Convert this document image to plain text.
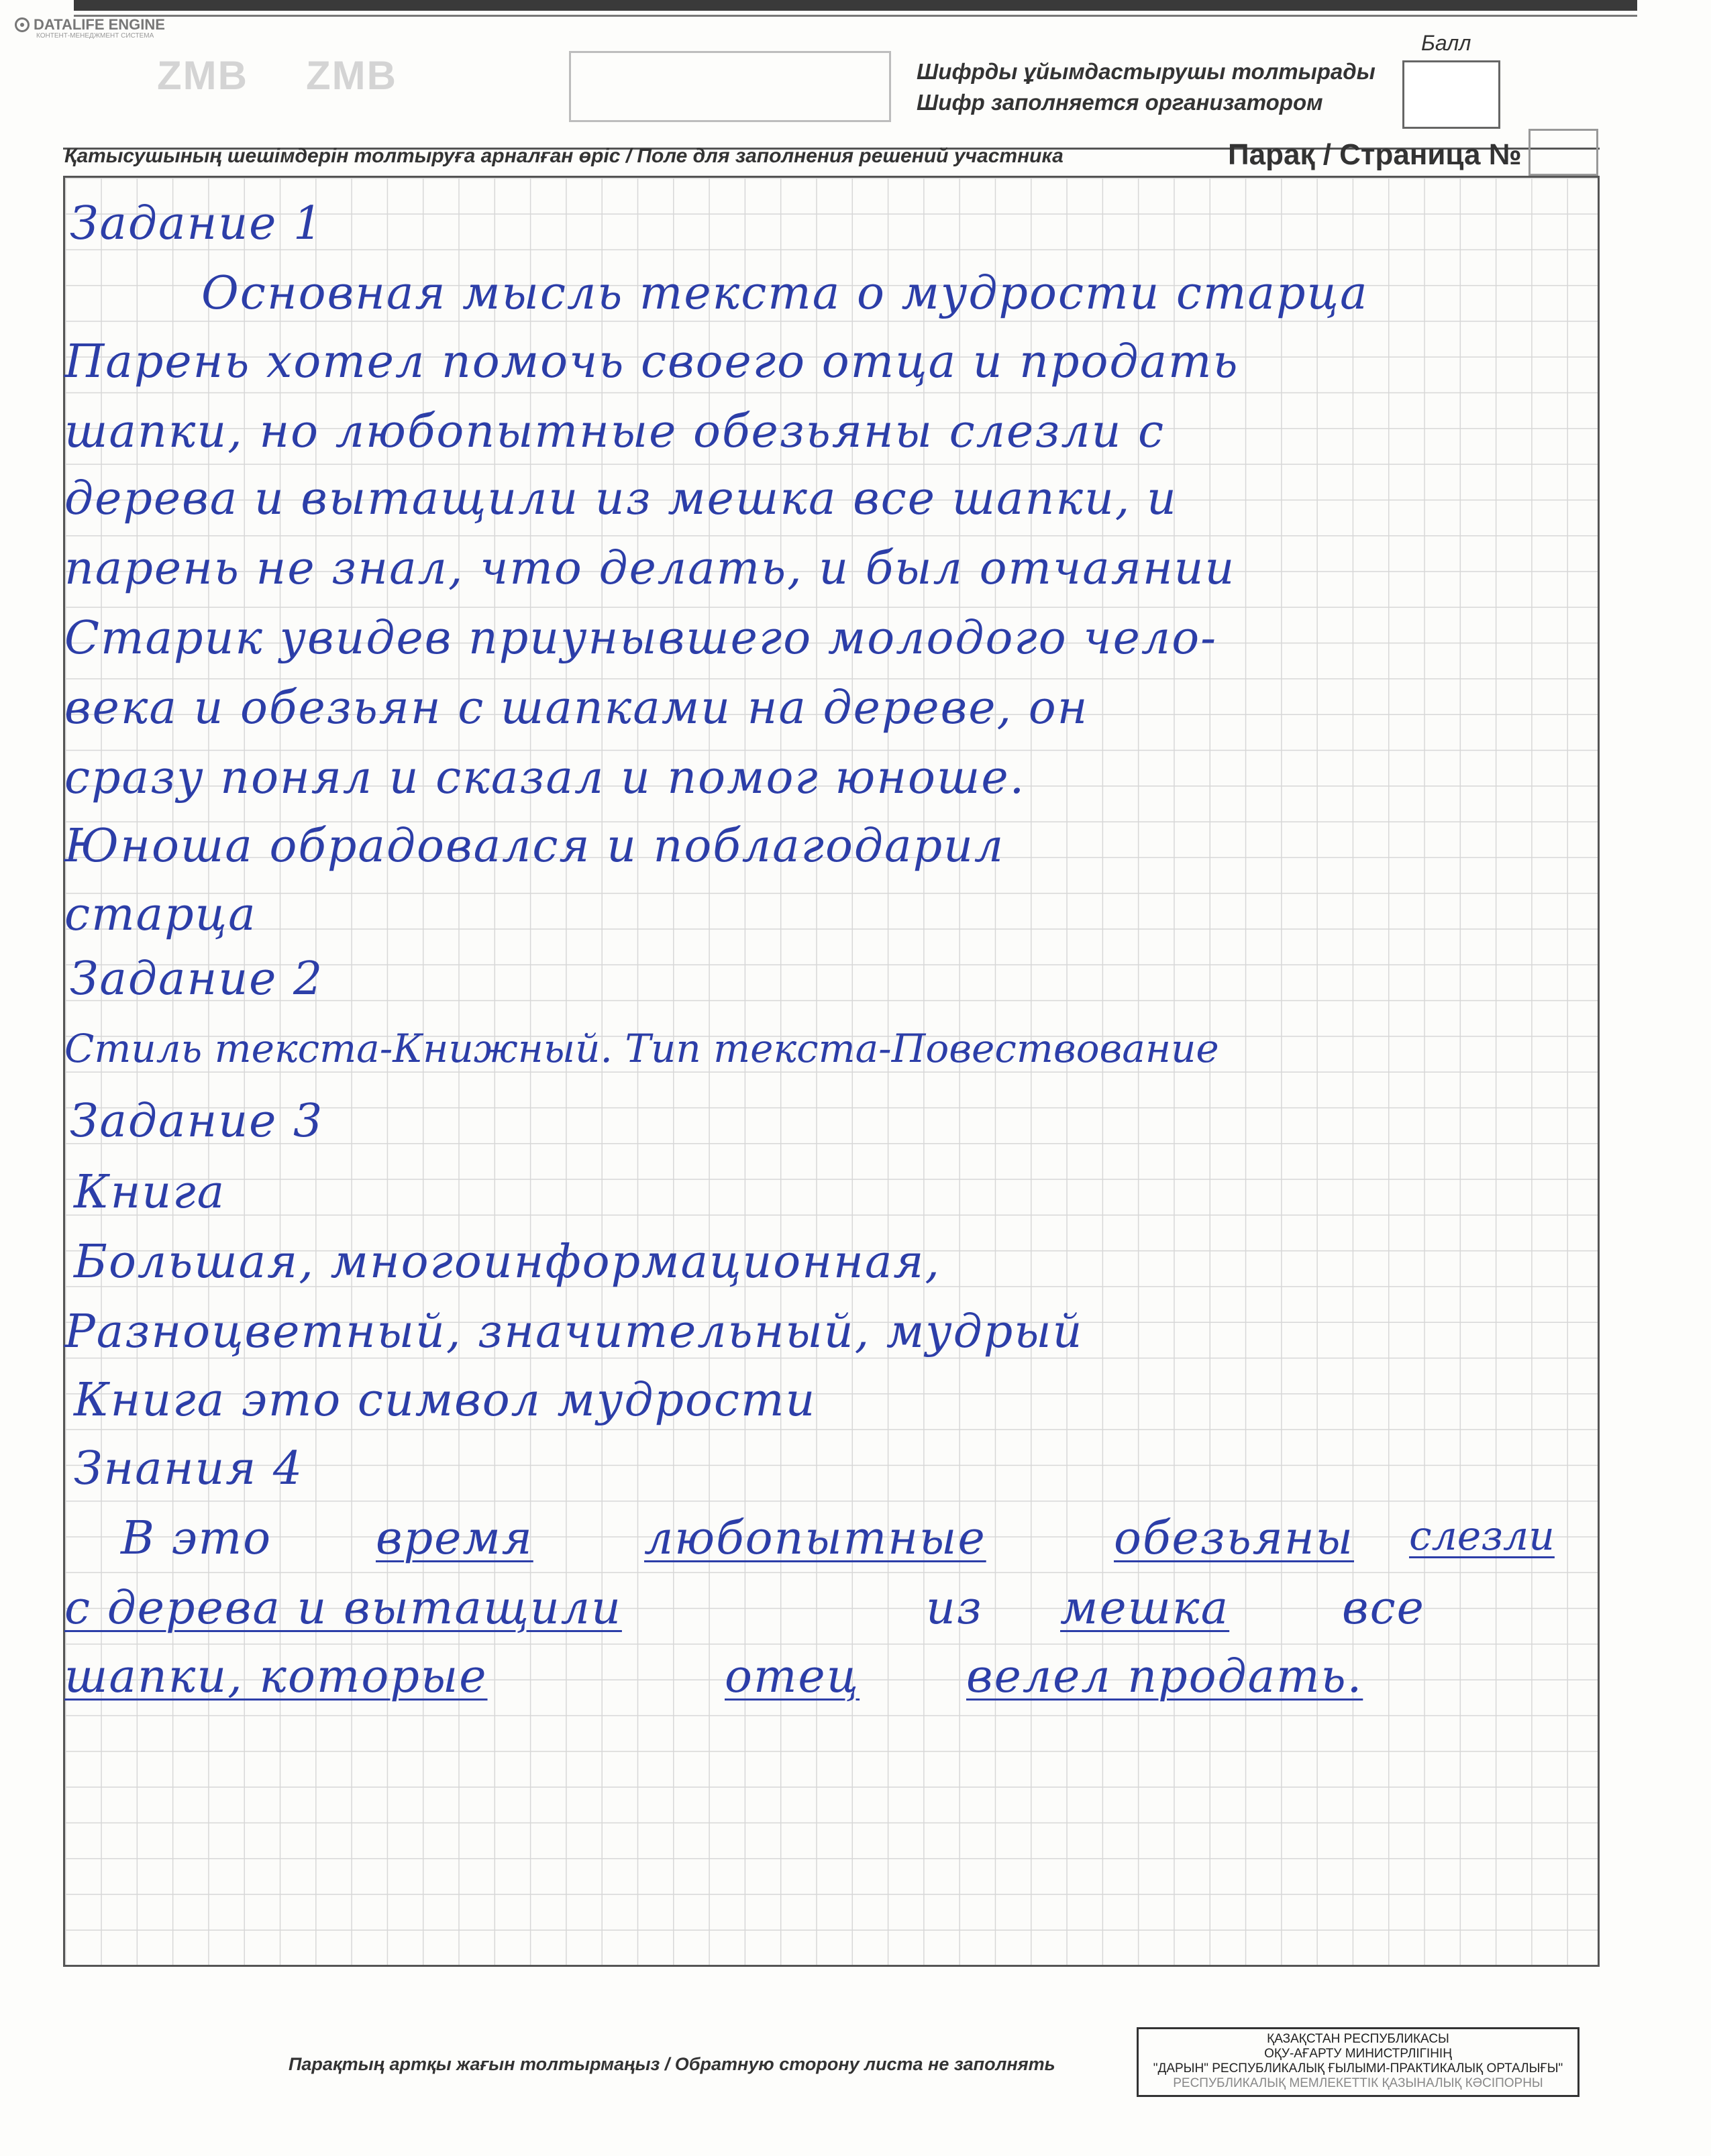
DATALIFE ENGINE
КОНТЕНТ-МЕНЕДЖМЕНТ СИСТЕМА
ZMB ZMB	Шифрды ұйымдастырушы толтырады
Шифр заполняется организатором
Балл
Қатысушының шешімдерін толтыруға арналған өріс / Поле для заполнения решений участника	Парақ / Страница №
Задание 1
Основная мысль текста о мудрости старца
Парень хотел помочь своего отца и продать
шапки, но любопытные обезьяны слезли с
дерева и вытащили из мешка все шапки, и
парень не знал, что делать, и был отчаянии
Старик увидев приунывшего молодого чело-
века и обезьян с шапками на дереве, он
сразу понял и сказал и помог юноше.
Юноша обрадовался и поблагодарил
старца
Задание 2
Стиль текста-Книжный. Тип текста-Повествование
Задание 3
Книга
Большая, многоинформационная,
Разноцветный, значительный, мудрый
Книга это символ мудрости
Знания 4
В это время любопытные	обезьяны слезли
с дерева и вытащили	из мешка все
шапки, которые	отец велел продать.
Парақтың артқы жағын толтырмаңыз / Обратную сторону листа не заполнять
ҚАЗАҚСТАН РЕСПУБЛИКАСЫ
ОҚУ-АҒАРТУ МИНИСТРЛІГІНІҢ
"ДАРЫН" РЕСПУБЛИКАЛЫҚ ҒЫЛЫМИ-ПРАКТИКАЛЫҚ ОРТАЛЫҒЫ"
РЕСПУБЛИКАЛЫҚ МЕМЛЕКЕТТІК ҚАЗЫНАЛЫҚ КӘСІПОРНЫ
